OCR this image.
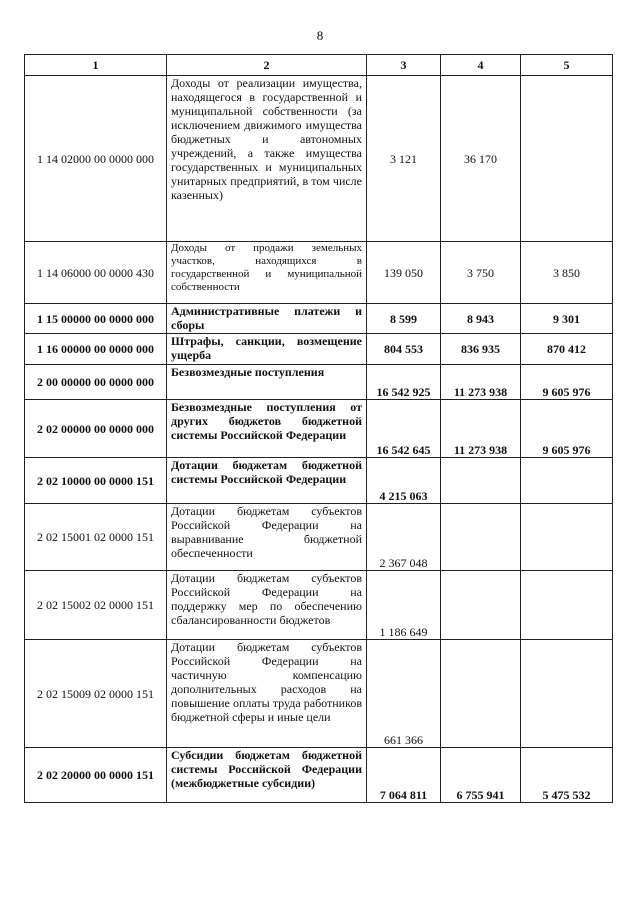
8
1	2	3	4	5
1 14 02000 00 0000 000	Доходы от реализации имущества, находящегося в государственной и муниципальной собственности (за исключением движимого имущества бюджетных и автономных учреждений, а также имущества государственных и муниципальных унитарных предприятий, в том числе казенных)	3 121	36 170	
1 14 06000 00 0000 430	Доходы от продажи земельных участков, находящихся в государственной и муниципальной собственности	139 050	3 750	3 850
1 15 00000 00 0000 000	Административные платежи и сборы	8 599	8 943	9 301
1 16 00000 00 0000 000	Штрафы, санкции, возмещение ущерба	804 553	836 935	870 412
2 00 00000 00 0000 000	Безвозмездные поступления	16 542 925	11 273 938	9 605 976
2 02 00000 00 0000 000	Безвозмездные поступления от других бюджетов бюджетной системы Российской Федерации	16 542 645	11 273 938	9 605 976
2 02 10000 00 0000 151	Дотации бюджетам бюджетной системы Российской Федерации	4 215 063		
2 02 15001 02 0000 151	Дотации бюджетам субъектов Российской Федерации на выравнивание бюджетной обеспеченности	2 367 048		
2 02 15002 02 0000 151	Дотации бюджетам субъектов Российской Федерации на поддержку мер по обеспечению сбалансированности бюджетов	1 186 649		
2 02 15009 02 0000 151	Дотации бюджетам субъектов Российской Федерации на частичную компенсацию дополнительных расходов на повышение оплаты труда работников бюджетной сферы и иные цели	661 366		
2 02 20000 00 0000 151	Субсидии бюджетам бюджетной системы Российской Федерации (межбюджетные субсидии)	7 064 811	6 755 941	5 475 532
